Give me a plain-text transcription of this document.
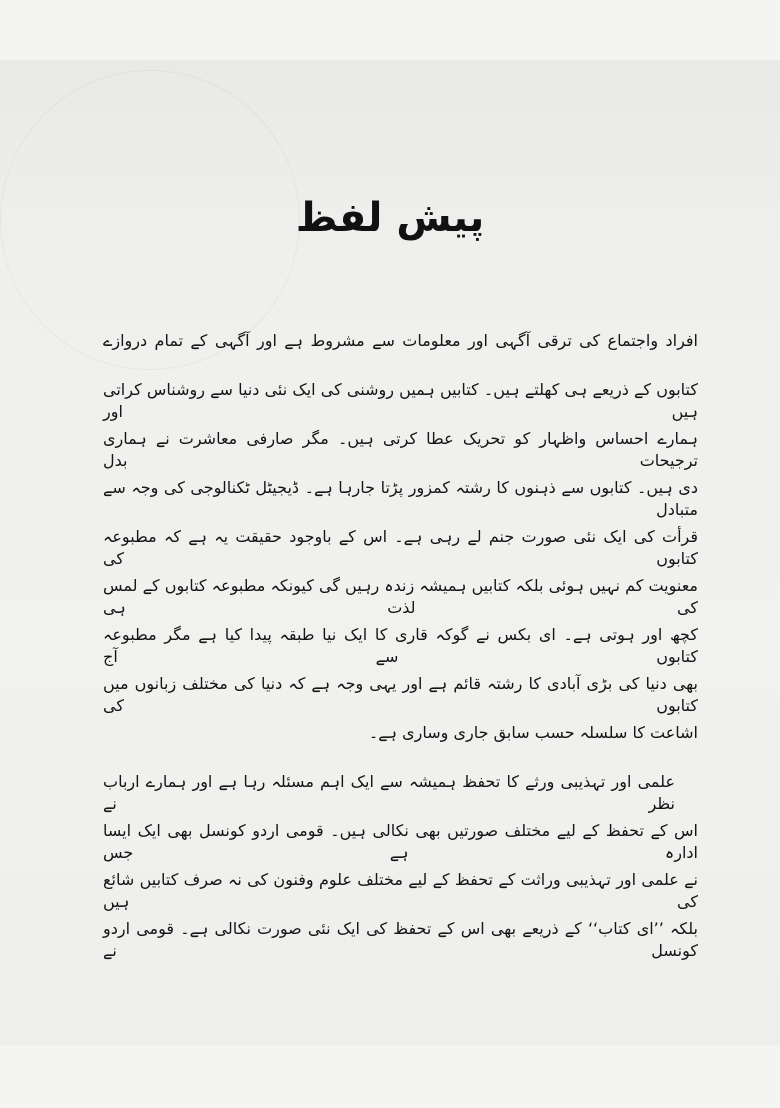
پیش لفظ
افراد واجتماع کی ترقی آگہی اور معلومات سے مشروط ہے اور آگہی کے تمام دروازے
کتابوں کے ذریعے ہی کھلتے ہیں۔ کتابیں ہمیں روشنی کی ایک نئی دنیا سے روشناس کراتی ہیں اور
ہمارے احساس واظہار کو تحریک عطا کرتی ہیں۔ مگر صارفی معاشرت نے ہماری ترجیحات بدل
دی ہیں۔ کتابوں سے ذہنوں کا رشتہ کمزور پڑتا جارہا ہے۔ ڈیجیٹل ٹکنالوجی کی وجہ سے متبادل
قرأت کی ایک نئی صورت جنم لے رہی ہے۔ اس کے باوجود حقیقت یہ ہے کہ مطبوعہ کتابوں کی
معنویت کم نہیں ہوئی بلکہ کتابیں ہمیشہ زندہ رہیں گی کیونکہ مطبوعہ کتابوں کے لمس کی لذت ہی
کچھ اور ہوتی ہے۔ ای بکس نے گوکہ قاری کا ایک نیا طبقہ پیدا کیا ہے مگر مطبوعہ کتابوں سے آج
بھی دنیا کی بڑی آبادی کا رشتہ قائم ہے اور یہی وجہ ہے کہ دنیا کی مختلف زبانوں میں کتابوں کی
اشاعت کا سلسلہ حسب سابق جاری وساری ہے۔
علمی اور تہذیبی ورثے کا تحفظ ہمیشہ سے ایک اہم مسئلہ رہا ہے اور ہمارے ارباب نظر نے
اس کے تحفظ کے لیے مختلف صورتیں بھی نکالی ہیں۔ قومی اردو کونسل بھی ایک ایسا ادارہ ہے جس
نے علمی اور تہذیبی وراثت کے تحفظ کے لیے مختلف علوم وفنون کی نہ صرف کتابیں شائع کی ہیں
بلکہ ’’ای کتاب‘‘ کے ذریعے بھی اس کے تحفظ کی ایک نئی صورت نکالی ہے۔ قومی اردو کونسل نے
